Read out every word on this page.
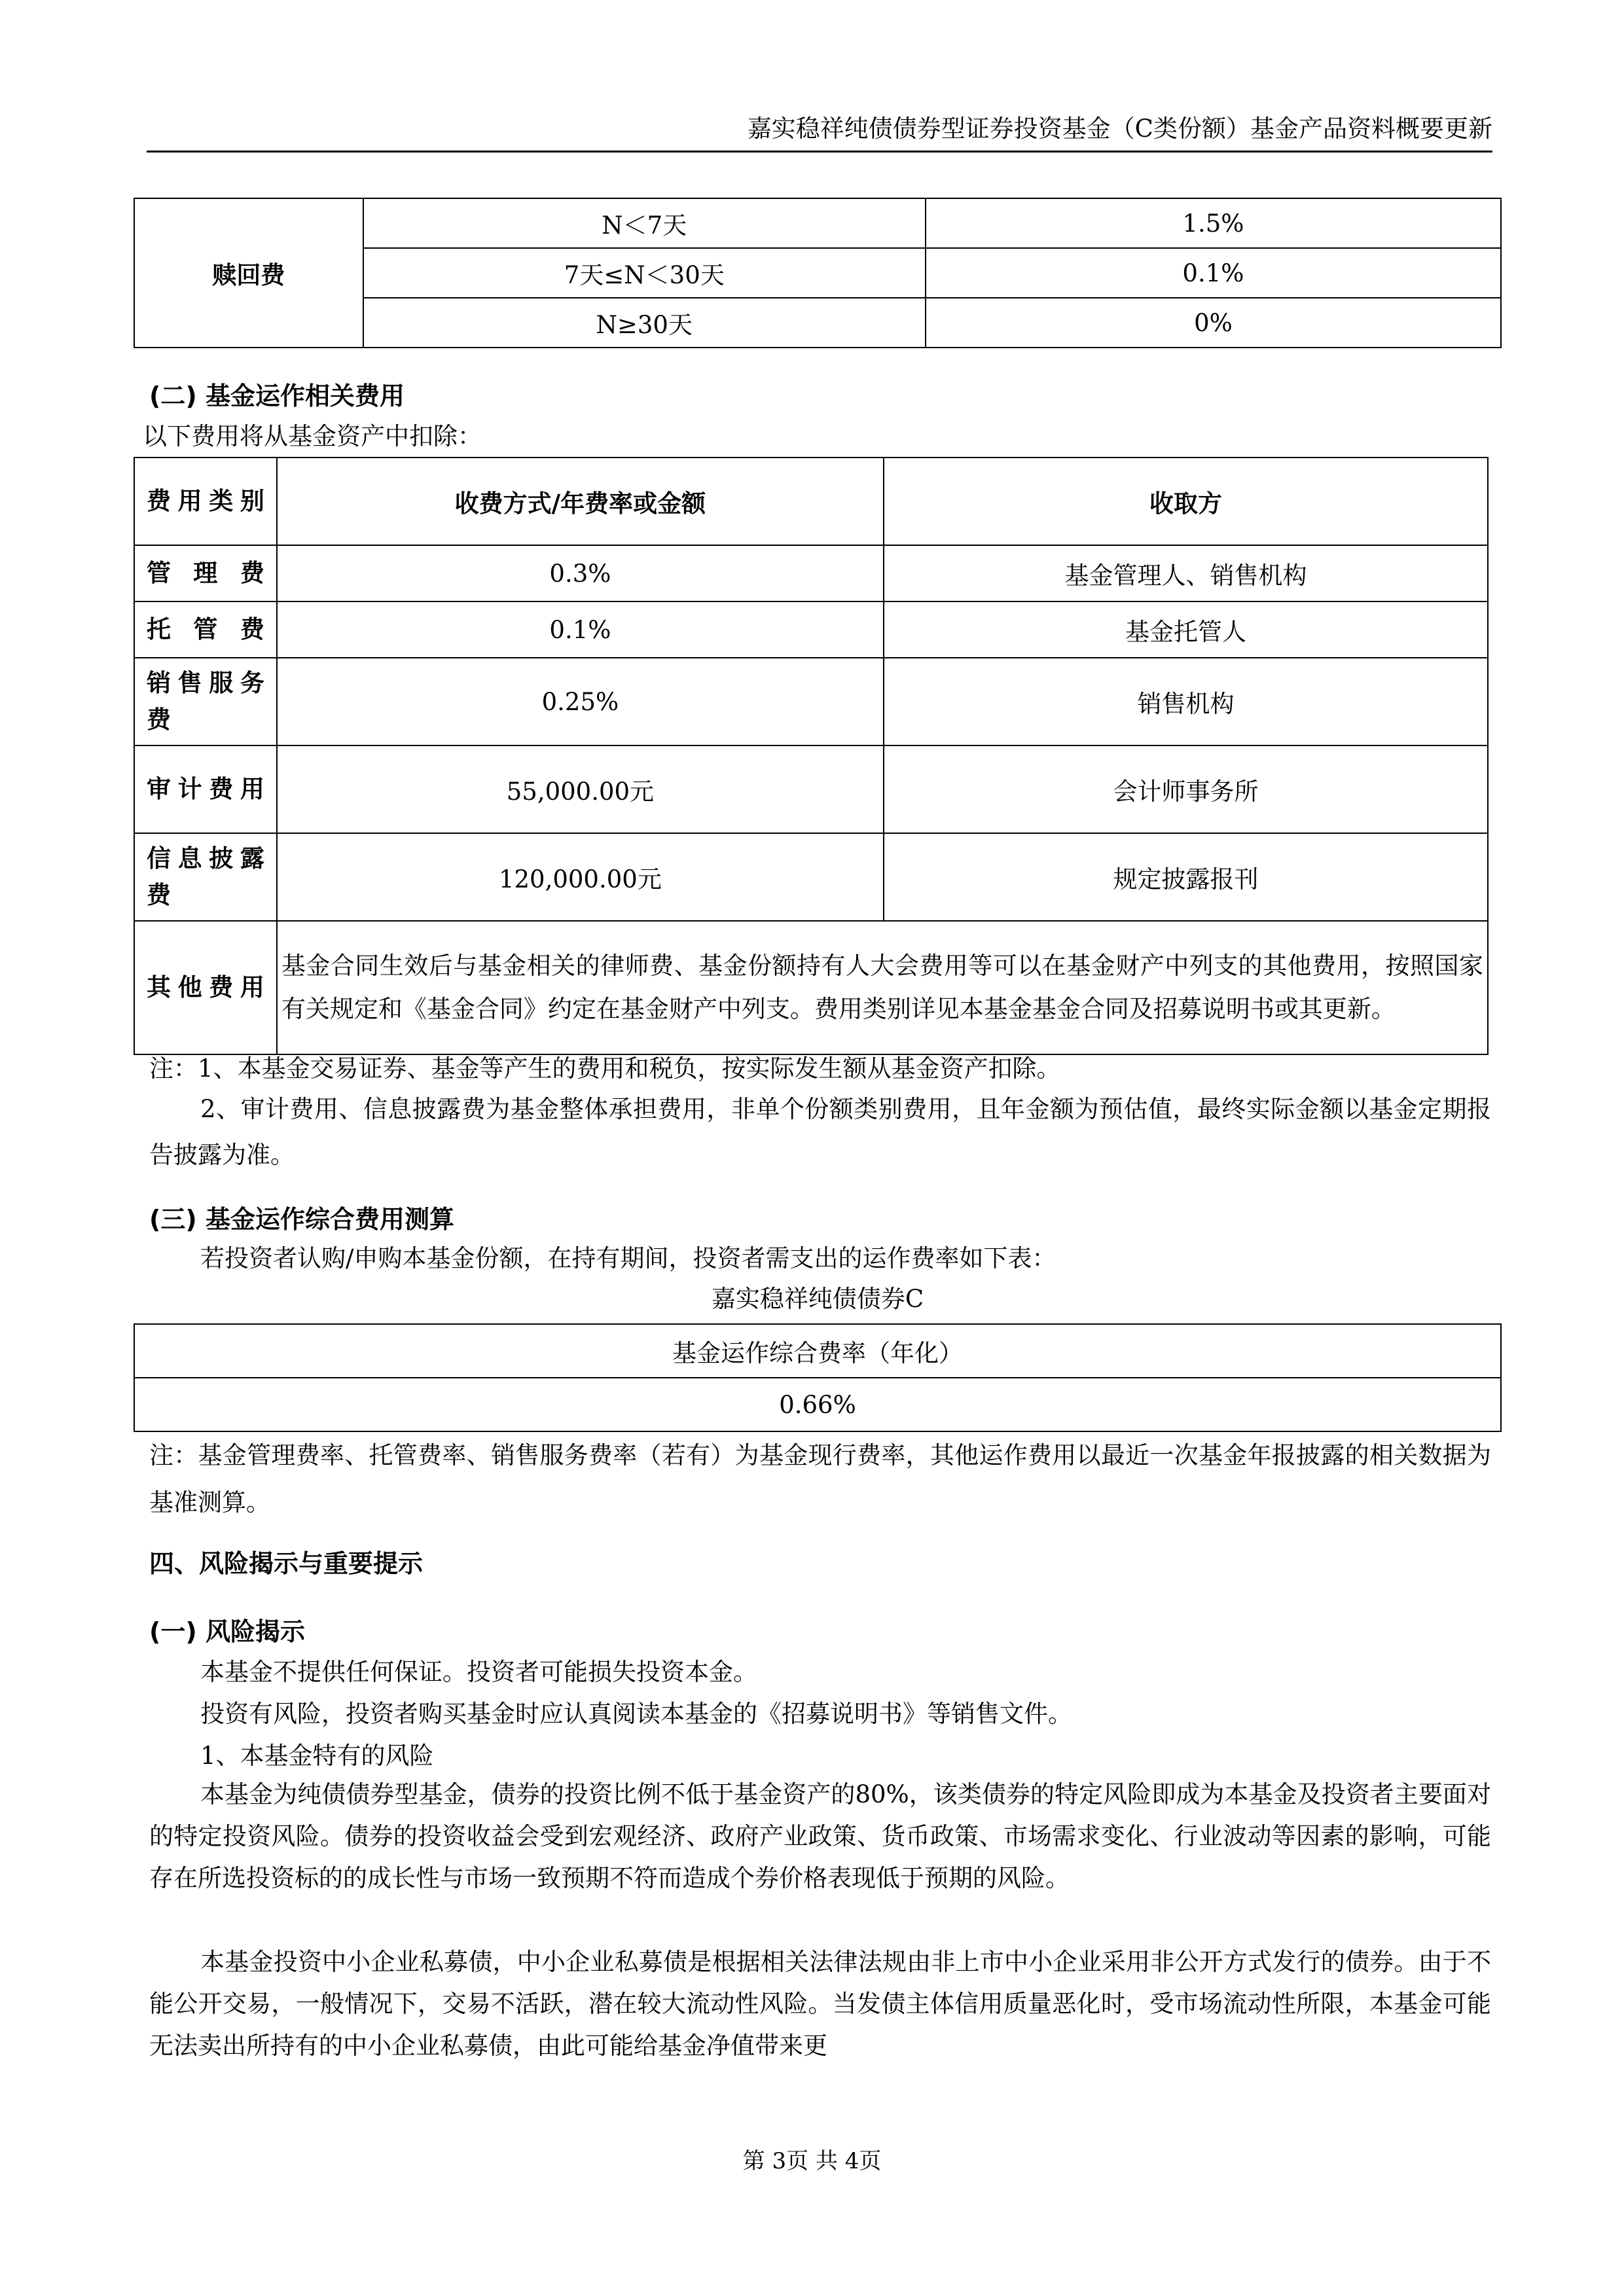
嘉实稳祥纯债债券型证券投资基金（C类份额）基金产品资料概要更新
赎回费	N＜7天	1.5%
	7天≤N＜30天	0.1%
	N≥30天	0%
(二) 基金运作相关费用
以下费用将从基金资产中扣除：
费用类别	收费方式/年费率或金额	收取方
管理费	0.3%	基金管理人、销售机构
托管费	0.1%	基金托管人
销售服务费	0.25%	销售机构
审计费用	55,000.00元	会计师事务所
信息披露费	120,000.00元	规定披露报刊
其他费用	基金合同生效后与基金相关的律师费、基金份额持有人大会费用等可以在基金财产中列支的其他费用，按照国家有关规定和《基金合同》约定在基金财产中列支。费用类别详见本基金基金合同及招募说明书或其更新。	
注：1、本基金交易证券、基金等产生的费用和税负，按实际发生额从基金资产扣除。
2、审计费用、信息披露费为基金整体承担费用，非单个份额类别费用，且年金额为预估值，最终实际金额以基金定期报告披露为准。
(三) 基金运作综合费用测算
若投资者认购/申购本基金份额，在持有期间，投资者需支出的运作费率如下表：
嘉实稳祥纯债债券C
基金运作综合费率（年化）
0.66%
注：基金管理费率、托管费率、销售服务费率（若有）为基金现行费率，其他运作费用以最近一次基金年报披露的相关数据为基准测算。
四、风险揭示与重要提示
(一) 风险揭示
本基金不提供任何保证。投资者可能损失投资本金。
投资有风险，投资者购买基金时应认真阅读本基金的《招募说明书》等销售文件。
1、本基金特有的风险
本基金为纯债债券型基金，债券的投资比例不低于基金资产的80%，该类债券的特定风险即成为本基金及投资者主要面对的特定投资风险。债券的投资收益会受到宏观经济、政府产业政策、货币政策、市场需求变化、行业波动等因素的影响，可能存在所选投资标的的成长性与市场一致预期不符而造成个券价格表现低于预期的风险。
本基金投资中小企业私募债，中小企业私募债是根据相关法律法规由非上市中小企业采用非公开方式发行的债券。由于不能公开交易，一般情况下，交易不活跃，潜在较大流动性风险。当发债主体信用质量恶化时，受市场流动性所限，本基金可能无法卖出所持有的中小企业私募债，由此可能给基金净值带来更
第 3页 共 4页
